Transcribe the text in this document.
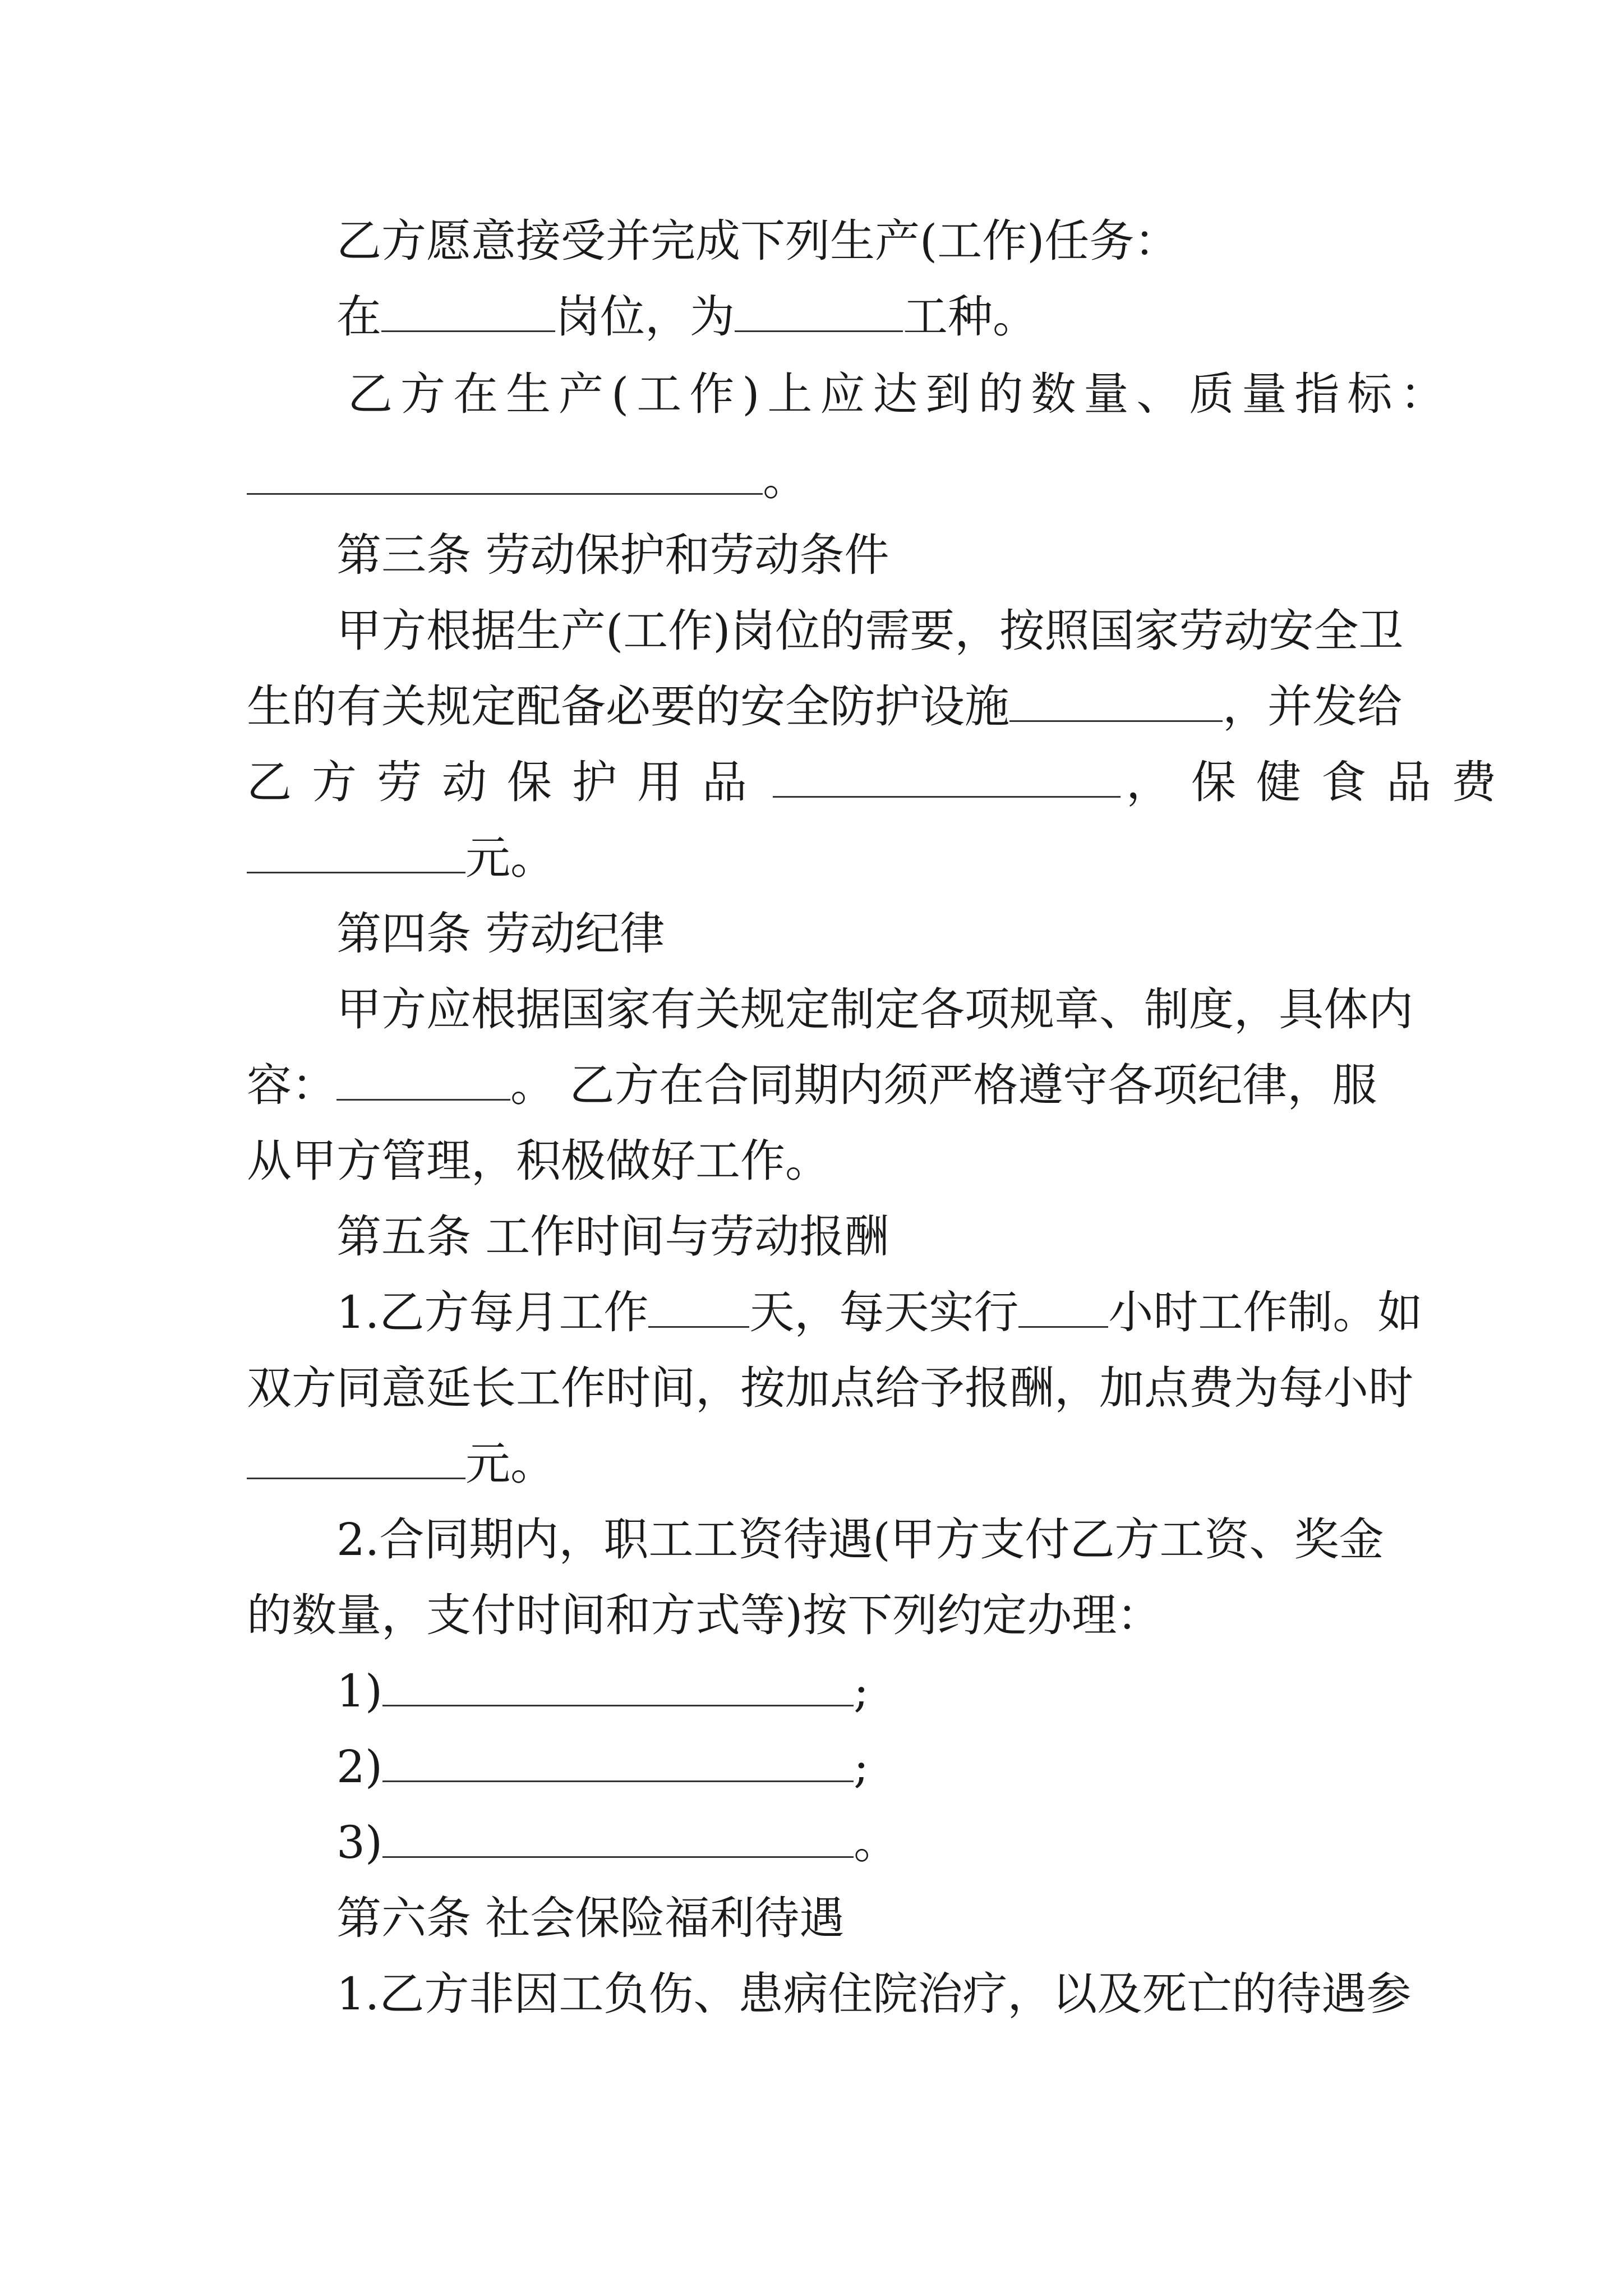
乙方愿意接受并完成下列生产(工作)任务：
在	岗位，为	工种。
乙方在生产(工作)上应达到的数量、质量指标：
。
第三条 劳动保护和劳动条件
甲方根据生产(工作)岗位的需要，按照国家劳动安全卫
生的有关规定配备必要的安全防护设施	，并发给
乙方劳动保护用品	，保健食品费
元。
第四条 劳动纪律
甲方应根据国家有关规定制定各项规章、制度，具体内
容：	。 乙方在合同期内须严格遵守各项纪律，服
从甲方管理，积极做好工作。
第五条 工作时间与劳动报酬
1.乙方每月工作 天，每天实行 小时工作制。如
双方同意延长工作时间，按加点给予报酬，加点费为每小时
元。
2.合同期内，职工工资待遇(甲方支付乙方工资、奖金
的数量，支付时间和方式等)按下列约定办理：
1)	;
2)	;
3)	。
第六条 社会保险福利待遇
1.乙方非因工负伤、患病住院治疗，以及死亡的待遇参
